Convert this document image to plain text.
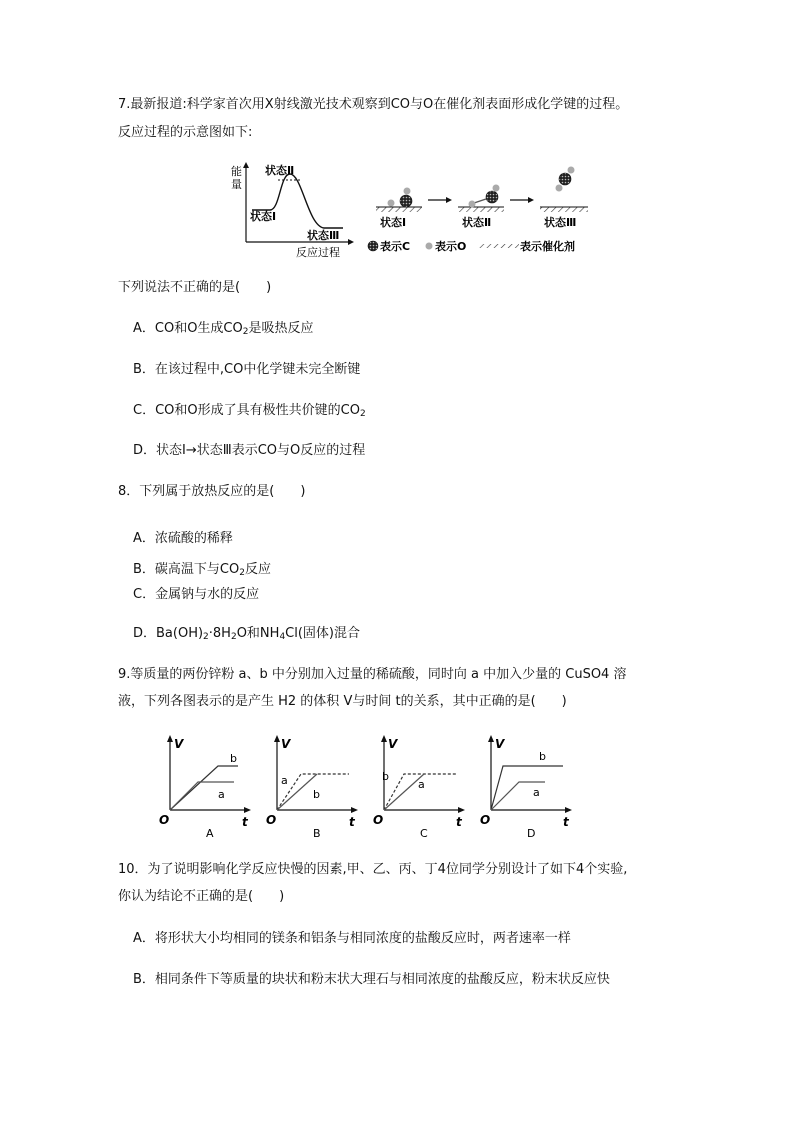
7.最新报道:科学家首次用X射线激光技术观察到CO与O在催化剂表面形成化学键的过程。
反应过程的示意图如下:
能
量
状态Ⅱ
状态Ⅰ
状态Ⅲ
反应过程
状态Ⅰ	状态Ⅱ	状态Ⅲ
表示C 表示O	表示催化剂
下列说法不正确的是(　　)
A．CO和O生成$CO_2$是吸热反应
B．在该过程中,CO中化学键未完全断键
C．CO和O形成了具有极性共价键的$CO_2$
D．状态Ⅰ→状态Ⅲ表示CO与O反应的过程
8．下列属于放热反应的是(　　)
A．浓硫酸的稀释
B．碳高温下与$CO_2$反应
C．金属钠与水的反应
D．$Ba(OH)_2\cdot 8H_2O$和$NH_4Cl$(固体)混合
9.等质量的两份锌粉 a、b 中分别加入过量的稀硫酸，同时向 a 中加入少量的 CuSO4 溶
液，下列各图表示的是产生 H2 的体积 V与时间 t的关系，其中正确的是(　　)
V
t
O
b
a
A
V
t
O
a
b
B
V
t
O
b
a
C
V
t
O
b
a
D
10．为了说明影响化学反应快慢的因素,甲、乙、丙、丁4位同学分别设计了如下4个实验,
你认为结论不正确的是(　　)
A．将形状大小均相同的镁条和铝条与相同浓度的盐酸反应时，两者速率一样
B．相同条件下等质量的块状和粉末状大理石与相同浓度的盐酸反应，粉末状反应快
